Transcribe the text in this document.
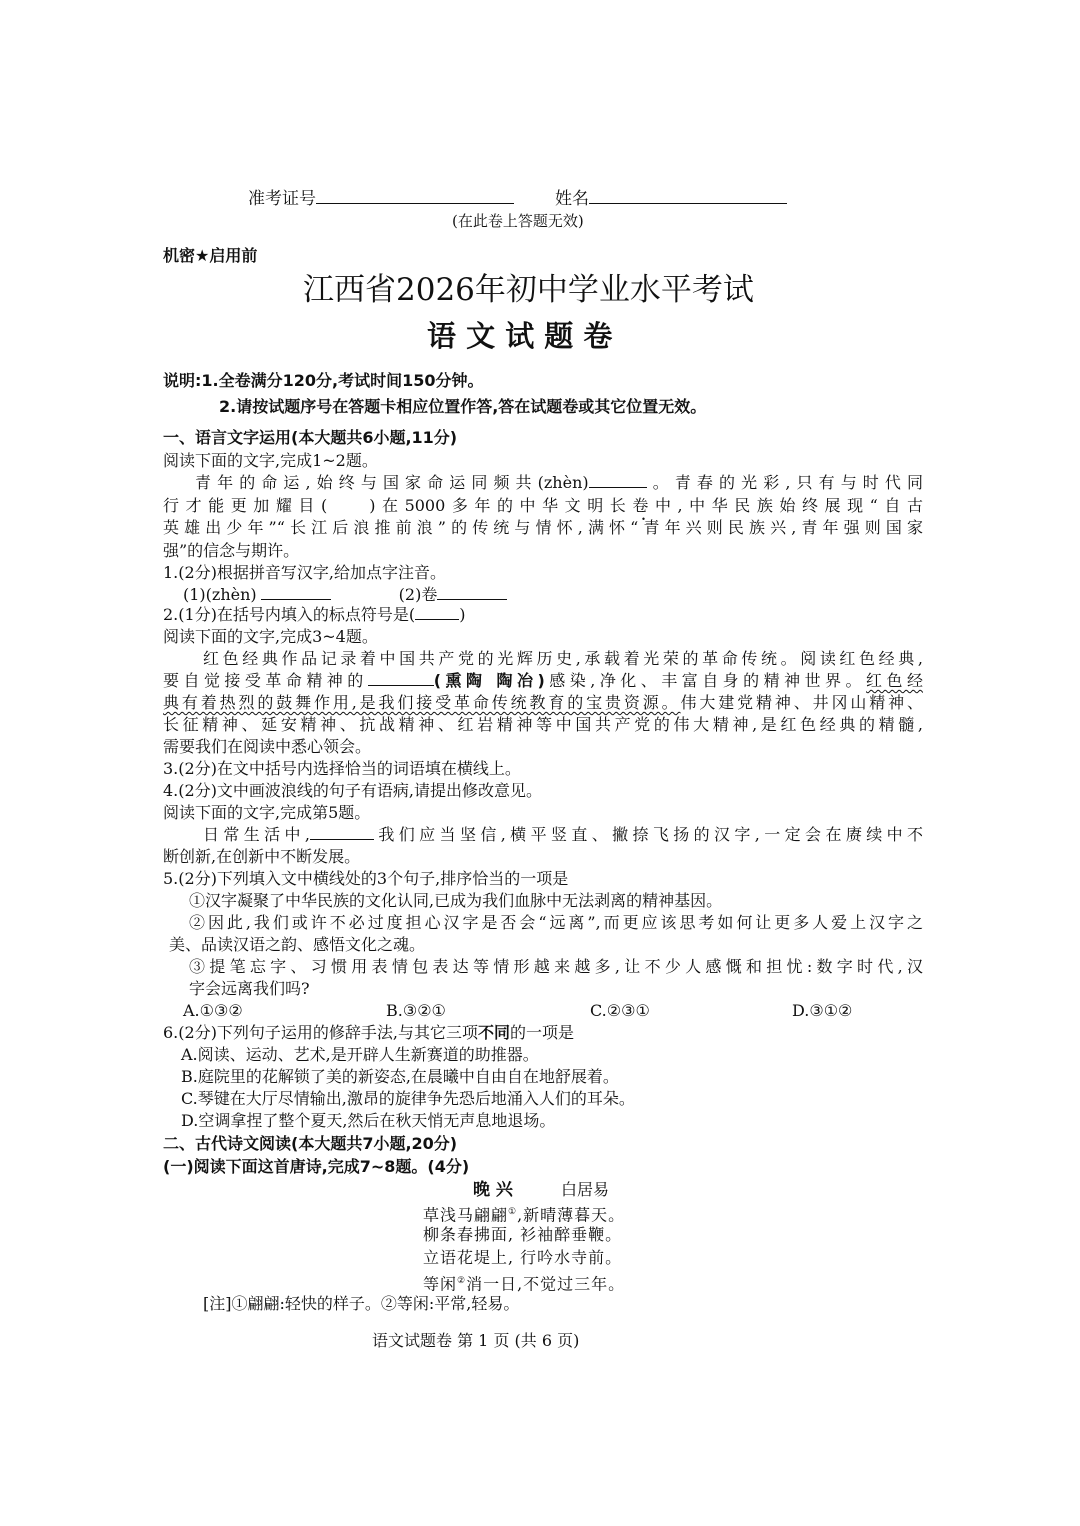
准考证号	姓名
(在此卷上答题无效)
机密★启用前
江西省2026年初中学业水平考试
语 文 试 题 卷
说明:1.全卷满分120分,考试时间150分钟。
2.请按试题序号在答题卡相应位置作答,答在试题卷或其它位置无效。
一、语言文字运用(本大题共6小题,11分)
阅读下面的文字,完成1~2题。
青年的命运,始终与国家命运同频共(zhèn)	。青春的光彩,只有与时代同
行才能更加耀目(	)在5000多年的中华文明长卷中,中华民族始终展现“自古
英雄出少年”“长江后浪推前浪”的传统与情怀,满怀“青年兴则民族兴,青年强则国家
强”的信念与期许。
1.(2分)根据拼音写汉字,给加点字注音。
(1)(zhèn)	(2)卷
2.(1分)在括号内填入的标点符号是(	)
阅读下面的文字,完成3~4题。
红色经典作品记录着中国共产党的光辉历史,承载着光荣的革命传统。阅读红色经典,
要自觉接受革命精神的	(熏陶 陶冶)感染,净化、丰富自身的精神世界。红色经
典有着热烈的鼓舞作用,是我们接受革命传统教育的宝贵资源。伟大建党精神、井冈山精神、
长征精神、延安精神、抗战精神、红岩精神等中国共产党的伟大精神,是红色经典的精髓,
需要我们在阅读中悉心领会。
3.(2分)在文中括号内选择恰当的词语填在横线上。
4.(2分)文中画波浪线的句子有语病,请提出修改意见。
阅读下面的文字,完成第5题。
日常生活中,	我们应当坚信,横平竖直、撇捺飞扬的汉字,一定会在赓续中不
断创新,在创新中不断发展。
5.(2分)下列填入文中横线处的3个句子,排序恰当的一项是
①汉字凝聚了中华民族的文化认同,已成为我们血脉中无法剥离的精神基因。
②因此,我们或许不必过度担心汉字是否会“远离”,而更应该思考如何让更多人爱上汉字之
美、品读汉语之韵、感悟文化之魂。
③提笔忘字、习惯用表情包表达等情形越来越多,让不少人感慨和担忧:数字时代,汉
字会远离我们吗?
A.①③②	B.③②①	C.②③①	D.③①②
6.(2分)下列句子运用的修辞手法,与其它三项不同的一项是
A.阅读、运动、艺术,是开辟人生新赛道的助推器。
B.庭院里的花解锁了美的新姿态,在晨曦中自由自在地舒展着。
C.琴键在大厅尽情输出,激昂的旋律争先恐后地涌入人们的耳朵。
D.空调拿捏了整个夏天,然后在秋天悄无声息地退场。
二、古代诗文阅读(本大题共7小题,20分)
(一)阅读下面这首唐诗,完成7~8题。(4分)
晚 兴	白居易
草浅马翩翩①,新晴薄暮天。
柳条春拂面, 衫袖醉垂鞭。
立语花堤上, 行吟水寺前。
等闲②消一日,不觉过三年。
[注]①翩翩:轻快的样子。②等闲:平常,轻易。
语文试题卷 第 1 页 (共 6 页)
